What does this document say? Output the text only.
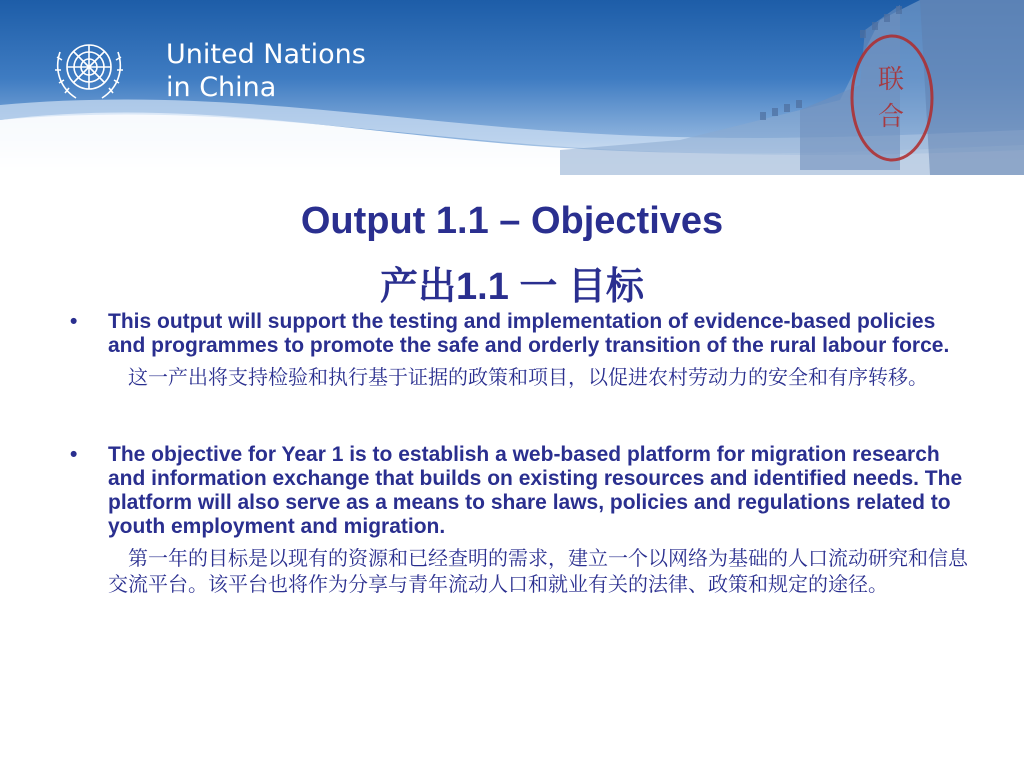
联
合
United Nations
in China
Output 1.1 – Objectives
产出1.1 一 目标
•	This output will support the testing and implementation of evidence-based policies and programmes to promote the safe and orderly transition of the rural labour force.
这一产出将支持检验和执行基于证据的政策和项目，以促进农村劳动力的安全和有序转移。
•	The objective for Year 1 is to establish a web-based platform for migration research and information exchange that builds on existing resources and identified needs. The platform will also serve as a means to share laws, policies and regulations related to youth employment and migration.
第一年的目标是以现有的资源和已经查明的需求，建立一个以网络为基础的人口流动研究和信息交流平台。该平台也将作为分享与青年流动人口和就业有关的法律、政策和规定的途径。
